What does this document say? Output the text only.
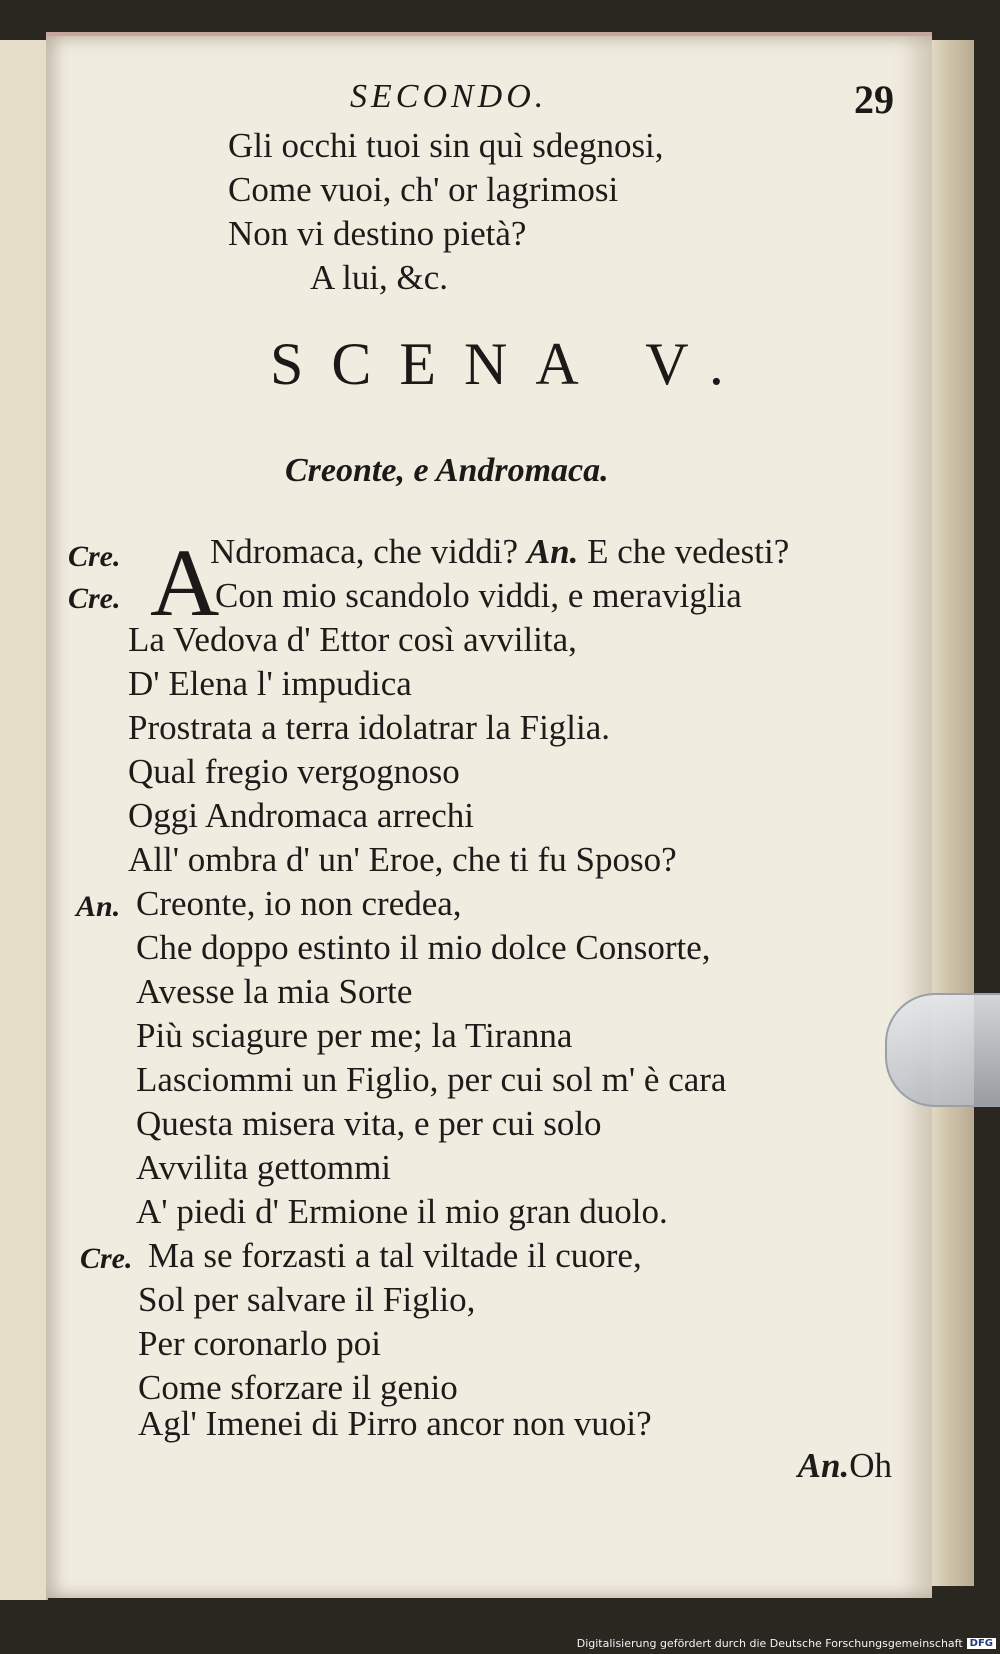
SECONDO.	29
Gli occhi tuoi sin quì sdegnosi,
Come vuoi, ch' or lagrimosi
Non vi destino pietà?
A lui, &c.
SCENA V.
Creonte, e Andromaca.
A
Cre.	Ndromaca, che viddi? An. E che vedesti?
Cre.	Con mio scandolo viddi, e meraviglia
La Vedova d' Ettor così avvilita,
D' Elena l' impudica
Prostrata a terra idolatrar la Figlia.
Qual fregio vergognoso
Oggi Andromaca arrechi
All' ombra d' un' Eroe, che ti fu Sposo?
An. Creonte, io non credea,
Che doppo estinto il mio dolce Consorte,
Avesse la mia Sorte
Più sciagure per me; la Tiranna
Lasciommi un Figlio, per cui sol m' è cara
Questa misera vita, e per cui solo
Avvilita gettommi
A' piedi d' Ermione il mio gran duolo.
Cre. Ma se forzasti a tal viltade il cuore,
Sol per salvare il Figlio,
Per coronarlo poi
Come sforzare il genio
Agl' Imenei di Pirro ancor non vuoi?
An.Oh
Digitalisierung gefördert durch die Deutsche Forschungsgemeinschaft DFG
